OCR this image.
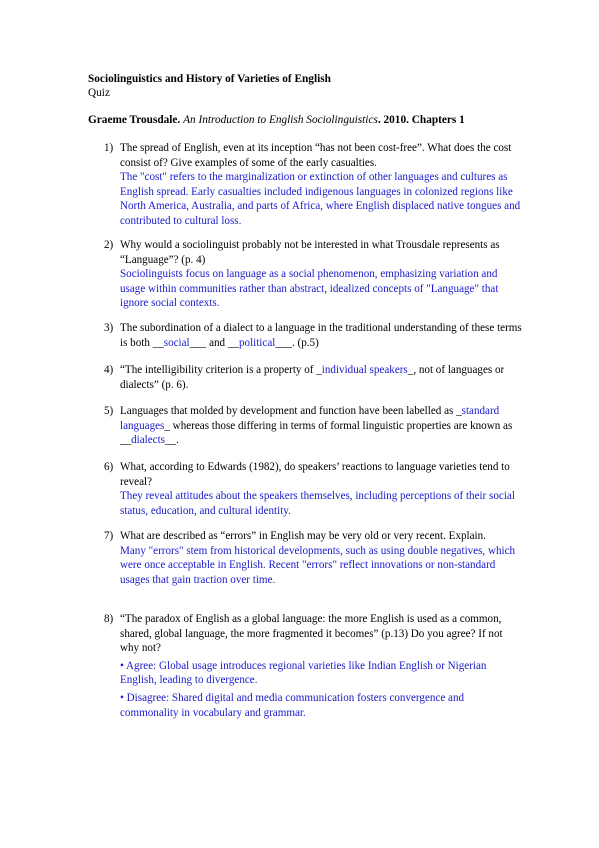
Sociolinguistics and History of Varieties of English
Quiz
Graeme Trousdale. An Introduction to English Sociolinguistics. 2010. Chapters 1
1) The spread of English, even at its inception “has not been cost-free”. What does the cost consist of? Give examples of some of the early casualties.
The "cost" refers to the marginalization or extinction of other languages and cultures as English spread. Early casualties included indigenous languages in colonized regions like North America, Australia, and parts of Africa, where English displaced native tongues and contributed to cultural loss.
2) Why would a sociolinguist probably not be interested in what Trousdale represents as “Language”? (p. 4)
Sociolinguists focus on language as a social phenomenon, emphasizing variation and usage within communities rather than abstract, idealized concepts of "Language" that ignore social contexts.
3) The subordination of a dialect to a language in the traditional understanding of these terms is both __social___ and __political___. (p.5)
4) “The intelligibility criterion is a property of _individual speakers_, not of languages or dialects” (p. 6).
5) Languages that molded by development and function have been labelled as _standard languages_ whereas those differing in terms of formal linguistic properties are known as __dialects__.
6) What, according to Edwards (1982), do speakers’ reactions to language varieties tend to reveal?
They reveal attitudes about the speakers themselves, including perceptions of their social status, education, and cultural identity.
7) What are described as “errors” in English may be very old or very recent. Explain.
Many "errors" stem from historical developments, such as using double negatives, which were once acceptable in English. Recent "errors" reflect innovations or non-standard usages that gain traction over time.
8) “The paradox of English as a global language: the more English is used as a common, shared, global language, the more fragmented it becomes” (p.13) Do you agree? If not why not?
• Agree: Global usage introduces regional varieties like Indian English or Nigerian English, leading to divergence.
• Disagree: Shared digital and media communication fosters convergence and commonality in vocabulary and grammar.
